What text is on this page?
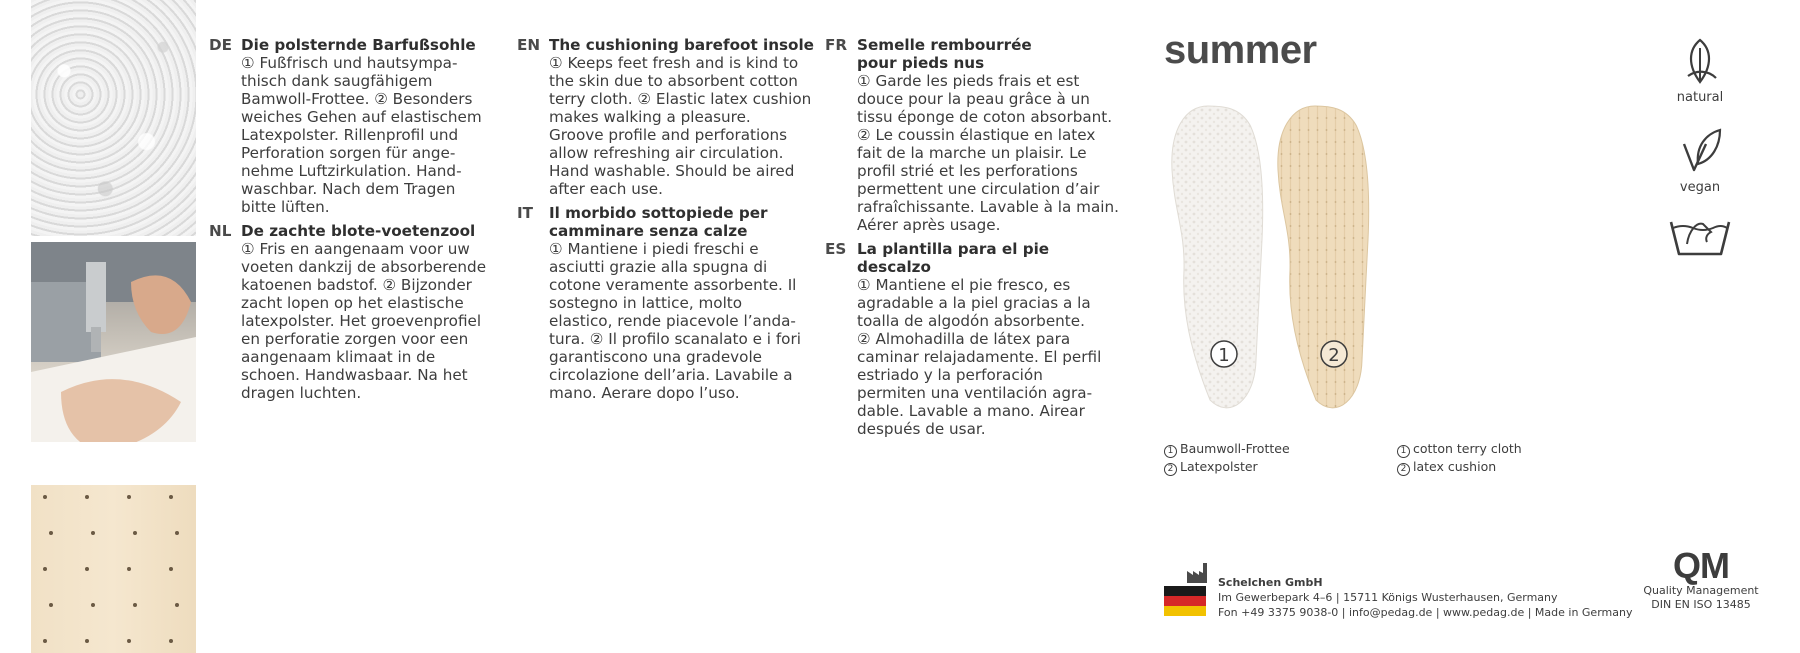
DE Die polsternde Barfußsohle
① Fußfrisch und hautsympa-
thisch dank saugfähigem
Bamwoll-Frottee. ② Besonders
weiches Gehen auf elastischem
Latexpolster. Rillenprofil und
Perforation sorgen für ange-
nehme Luftzirkulation. Hand-
waschbar. Nach dem Tragen
bitte lüften.
NL De zachte blote-voetenzool
① Fris en aangenaam voor uw
voeten dankzij de absorberende
katoenen badstof. ② Bijzonder
zacht lopen op het elastische
latexpolster. Het groevenprofiel
en perforatie zorgen voor een
aangenaam klimaat in de
schoen. Handwasbaar. Na het
dragen luchten.
EN The cushioning barefoot insole
① Keeps feet fresh and is kind to
the skin due to absorbent cotton
terry cloth. ② Elastic latex cushion
makes walking a pleasure.
Groove profile and perforations
allow refreshing air circulation.
Hand washable. Should be aired
after each use.
IT Il morbido sottopiede per
camminare senza calze
① Mantiene i piedi freschi e
asciutti grazie alla spugna di
cotone veramente assorbente. Il
sostegno in lattice, molto
elastico, rende piacevole l’anda-
tura. ② Il profilo scanalato e i fori
garantiscono una gradevole
circolazione dell’aria. Lavabile a
mano. Aerare dopo l’uso.
FR Semelle rembourrée
pour pieds nus
① Garde les pieds frais et est
douce pour la peau grâce à un
tissu éponge de coton absorbant.
② Le coussin élastique en latex
fait de la marche un plaisir. Le
profil strié et les perforations
permettent une circulation d’air
rafraîchissante. Lavable à la main.
Aérer après usage.
ES La plantilla para el pie descalzo
① Mantiene el pie fresco, es
agradable a la piel gracias a la
toalla de algodón absorbente.
② Almohadilla de látex para
caminar relajadamente. El perfil
estriado y la perforación
permiten una ventilación agra-
dable. Lavable a mano. Airear
después de usar.
summer
1	2
1 Baumwoll-Frottee
2 Latexpolster
1 cotton terry cloth
2 latex cushion
natural
vegan
Schelchen GmbH
Im Gewerbepark 4–6 | 15711 Königs Wusterhausen, Germany
Fon +49 3375 9038-0 | info@pedag.de | www.pedag.de | Made in Germany
QM
Quality Management
DIN EN ISO 13485
